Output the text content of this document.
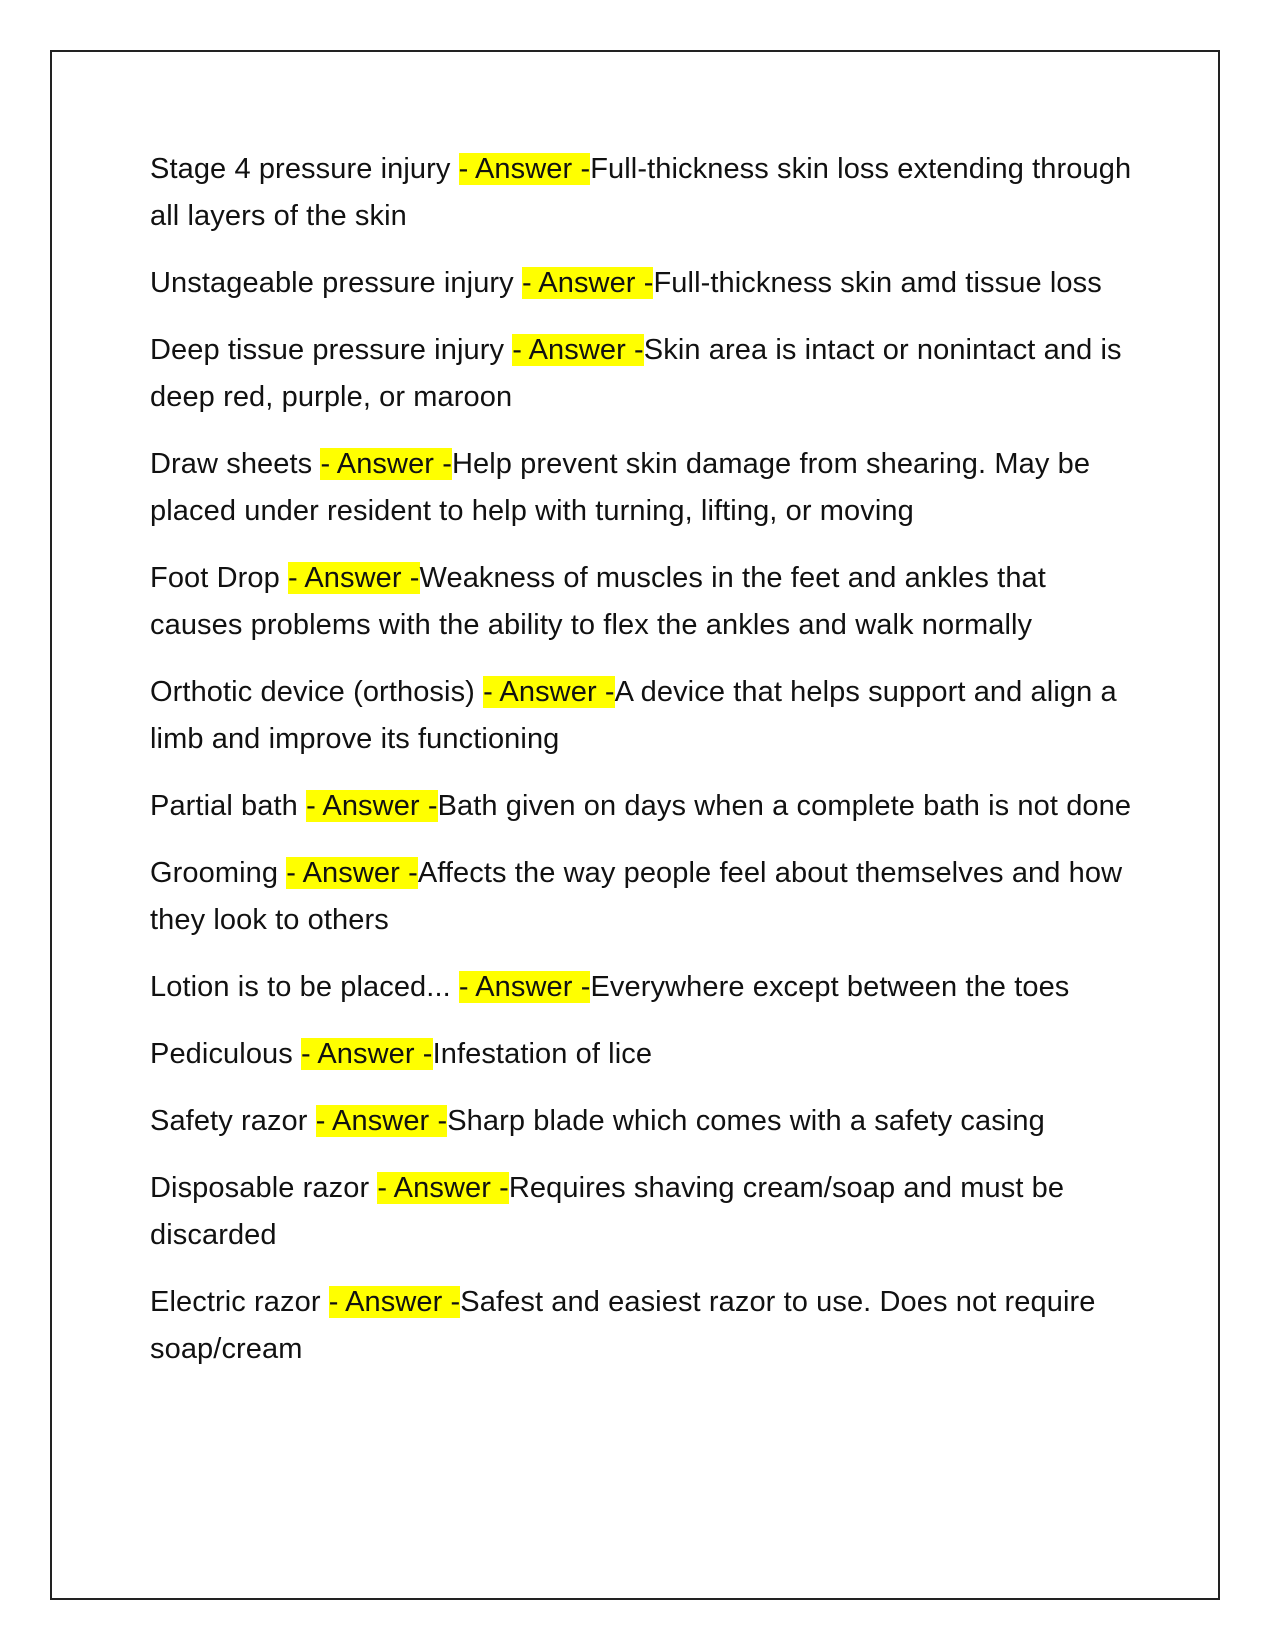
Stage 4 pressure injury - Answer -Full-thickness skin loss extending through all layers of the skin

Unstageable pressure injury - Answer -Full-thickness skin amd tissue loss

Deep tissue pressure injury - Answer -Skin area is intact or nonintact and is deep red, purple, or maroon

Draw sheets - Answer -Help prevent skin damage from shearing. May be placed under resident to help with turning, lifting, or moving

Foot Drop - Answer -Weakness of muscles in the feet and ankles that causes problems with the ability to flex the ankles and walk normally

Orthotic device (orthosis) - Answer -A device that helps support and align a limb and improve its functioning

Partial bath - Answer -Bath given on days when a complete bath is not done

Grooming - Answer -Affects the way people feel about themselves and how they look to others

Lotion is to be placed... - Answer -Everywhere except between the toes

Pediculous - Answer -Infestation of lice

Safety razor - Answer -Sharp blade which comes with a safety casing

Disposable razor - Answer -Requires shaving cream/soap and must be discarded

Electric razor - Answer -Safest and easiest razor to use. Does not require soap/cream
